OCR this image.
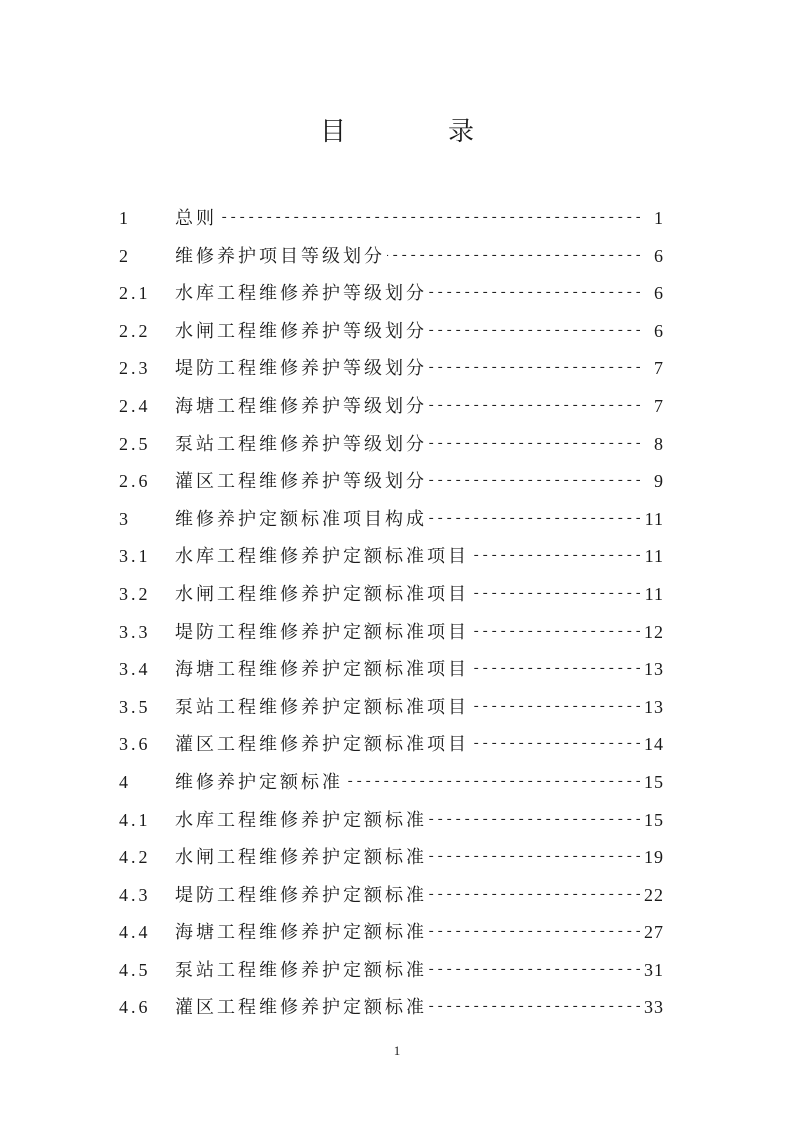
目	录
1 ----- 总则	1
2 ----- 维修养护项目等级划分	6
2.1 ----- 水库工程维修养护等级划分	6
2.2 ----- 水闸工程维修养护等级划分	6
2.3 ----- 堤防工程维修养护等级划分	7
2.4 ----- 海塘工程维修养护等级划分	7
2.5 ----- 泵站工程维修养护等级划分	8
2.6 ----- 灌区工程维修养护等级划分	9
3 ----- 维修养护定额标准项目构成	11
3.1 ----- 水库工程维修养护定额标准项目	11
3.2 ----- 水闸工程维修养护定额标准项目	11
3.3 ----- 堤防工程维修养护定额标准项目	12
3.4 ----- 海塘工程维修养护定额标准项目	13
3.5 ----- 泵站工程维修养护定额标准项目	13
3.6 ----- 灌区工程维修养护定额标准项目	14
4 ----- 维修养护定额标准	15
4.1 ----- 水库工程维修养护定额标准	15
4.2 ----- 水闸工程维修养护定额标准	19
4.3 ----- 堤防工程维修养护定额标准	22
4.4 ----- 海塘工程维修养护定额标准	27
4.5 ----- 泵站工程维修养护定额标准	31
4.6 ----- 灌区工程维修养护定额标准	33
1
